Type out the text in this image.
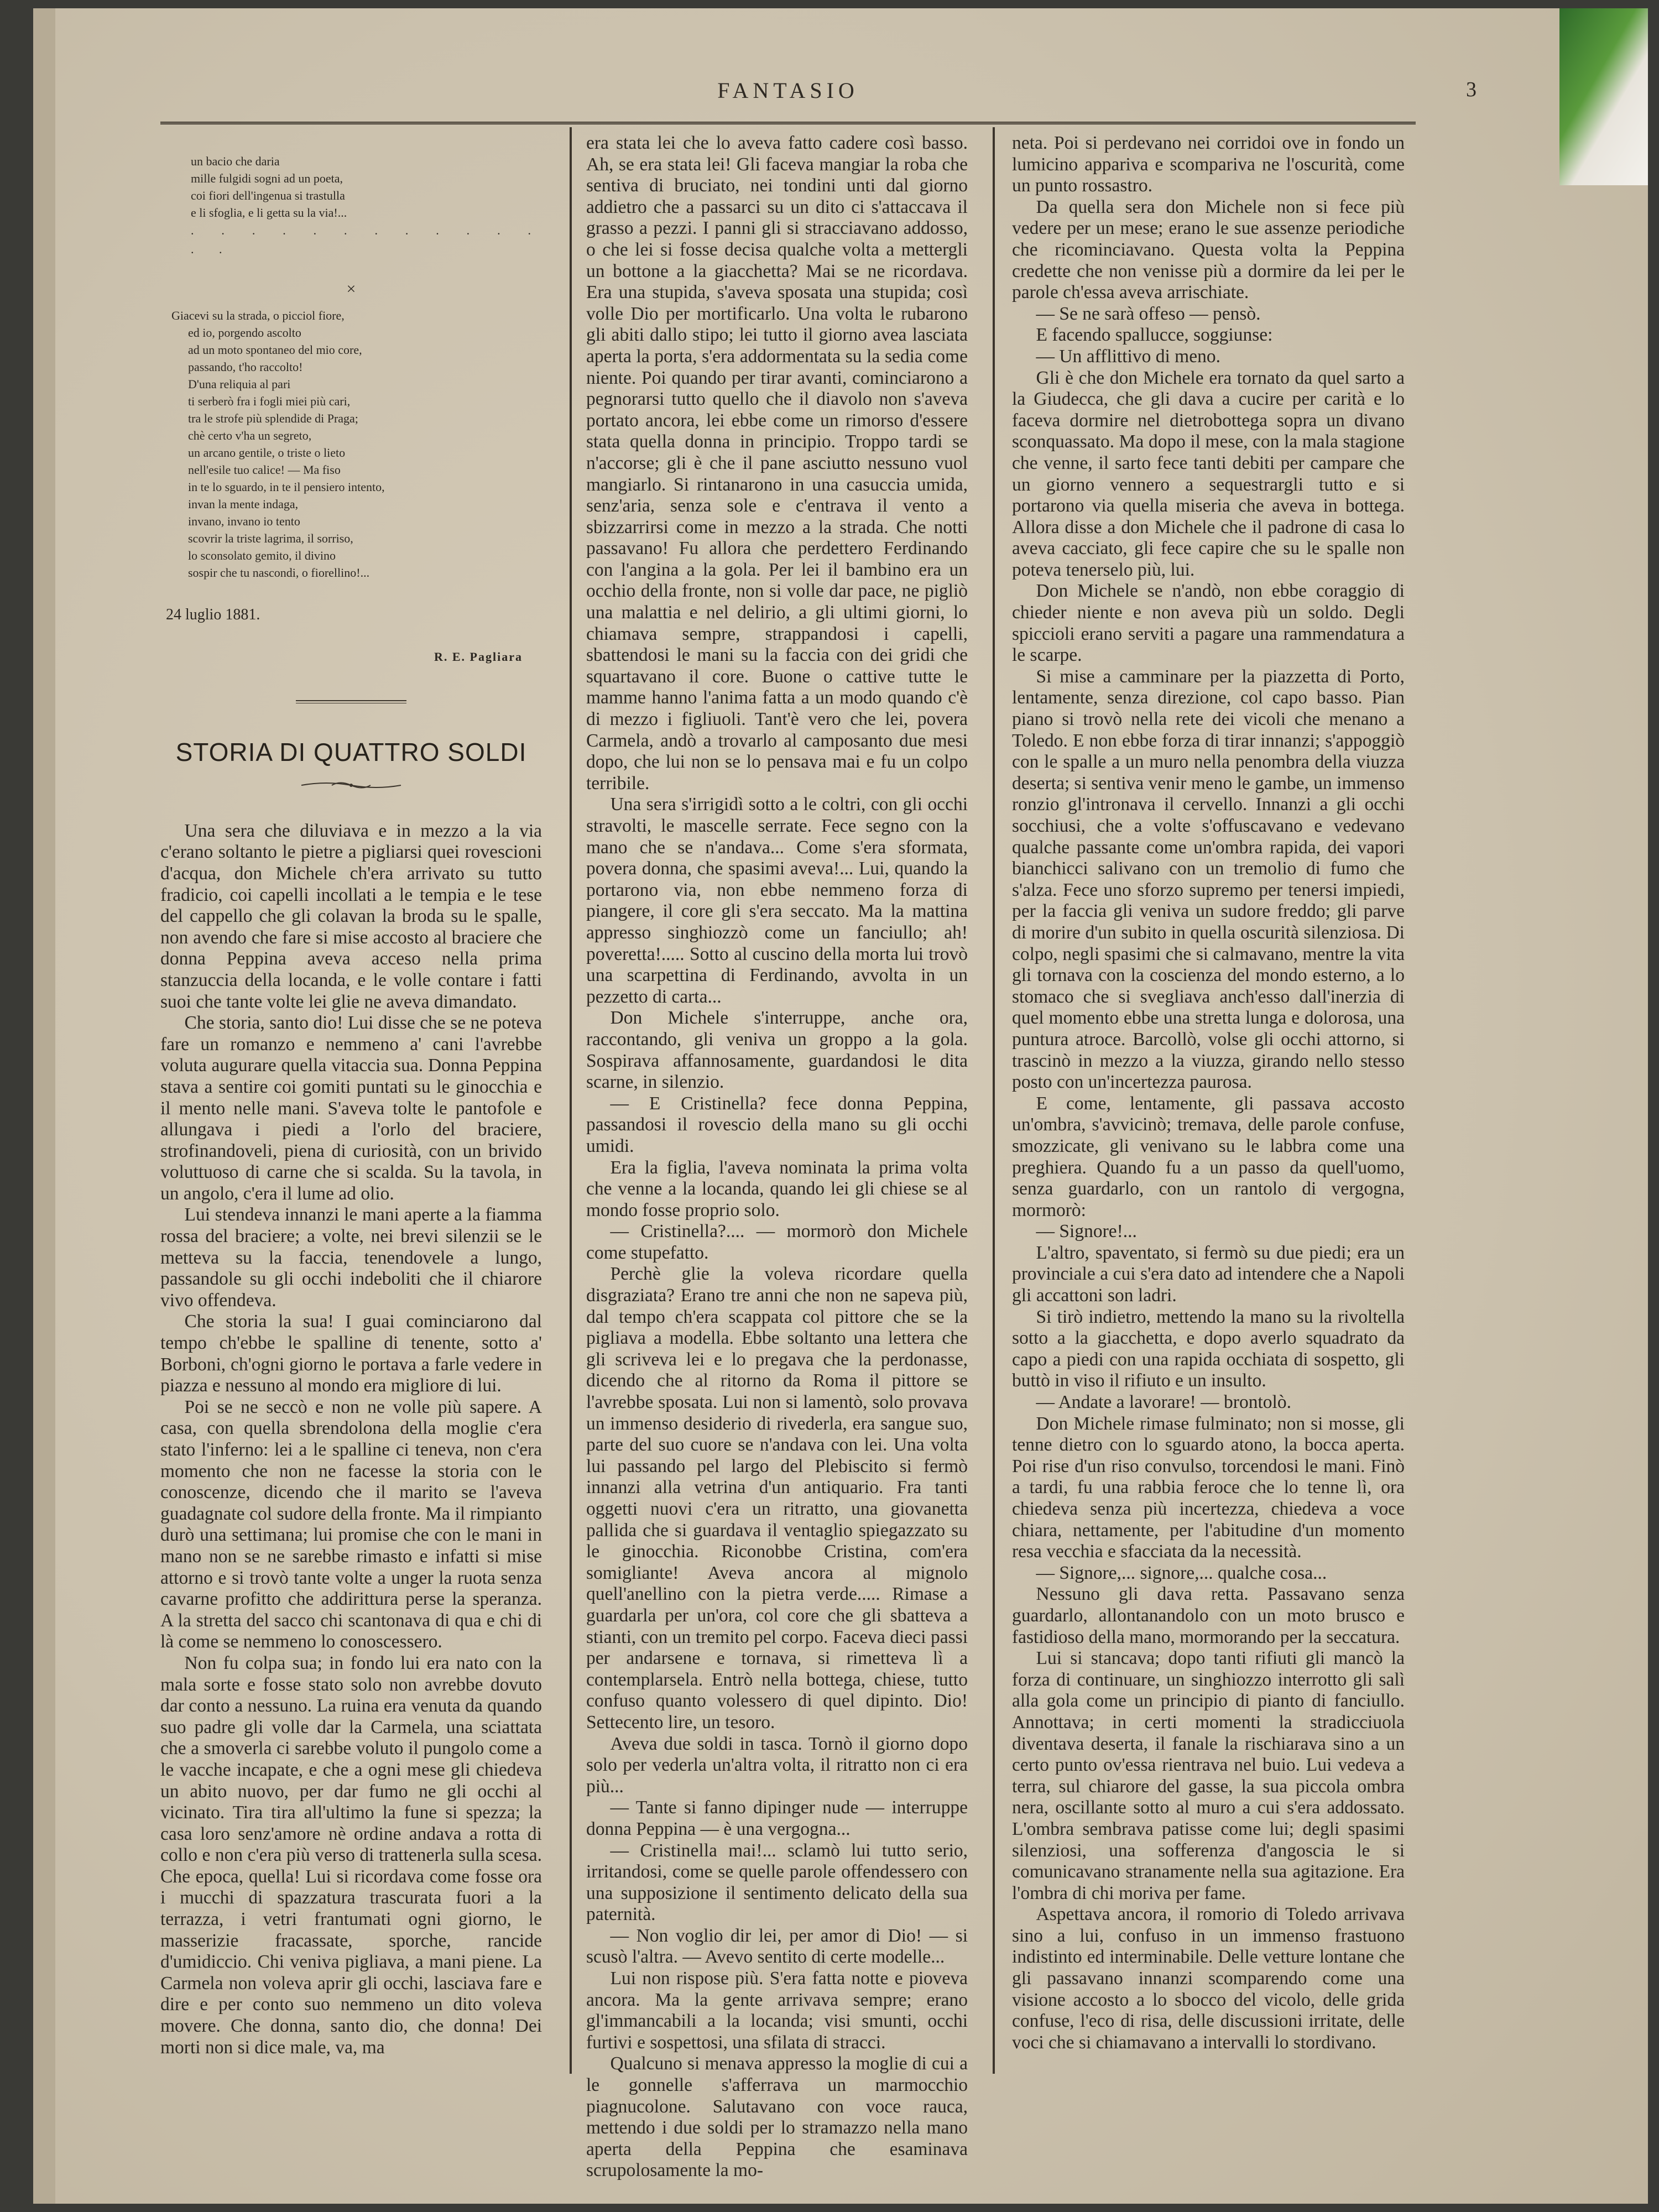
FANTASIO	3
un bacio che daria
mille fulgidi sogni ad un poeta,
coi fiori dell'ingenua si trastulla
e li sfoglia, e li getta su la via!...
. . . . . . . . . . . . . .
×
Giacevi su la strada, o picciol fiore,
ed io, porgendo ascolto
ad un moto spontaneo del mio core,
passando, t'ho raccolto!
D'una reliquia al pari
ti serberò fra i fogli miei più cari,
tra le strofe più splendide di Praga;
chè certo v'ha un segreto,
un arcano gentile, o triste o lieto
nell'esile tuo calice! — Ma fiso
in te lo sguardo, in te il pensiero intento,
invan la mente indaga,
invano, invano io tento
scovrir la triste lagrima, il sorriso,
lo sconsolato gemito, il divino
sospir che tu nascondi, o fiorellino!...
24 luglio 1881.
R. E. Pagliara
STORIA DI QUATTRO SOLDI

Una sera che diluviava e in mezzo a la via c'erano soltanto le pietre a pigliarsi quei rovescioni d'acqua, don Michele ch'era arrivato su tutto fradicio, coi capelli incollati a le tempia e le tese del cappello che gli colavan la broda su le spalle, non avendo che fare si mise accosto al braciere che donna Peppina aveva acceso nella prima stanzuccia della locanda, e le volle contare i fatti suoi che tante volte lei glie ne aveva dimandato.

Che storia, santo dio! Lui disse che se ne poteva fare un romanzo e nemmeno a' cani l'avrebbe voluta augurare quella vitaccia sua. Donna Peppina stava a sentire coi gomiti puntati su le ginocchia e il mento nelle mani. S'aveva tolte le pantofole e allungava i piedi a l'orlo del braciere, strofinandoveli, piena di curiosità, con un brivido voluttuoso di carne che si scalda. Su la tavola, in un angolo, c'era il lume ad olio.

Lui stendeva innanzi le mani aperte a la fiamma rossa del braciere; a volte, nei brevi silenzii se le metteva su la faccia, tenendovele a lungo, passandole su gli occhi indeboliti che il chiarore vivo offendeva.

Che storia la sua! I guai cominciarono dal tempo ch'ebbe le spalline di tenente, sotto a' Borboni, ch'ogni giorno le portava a farle vedere in piazza e nessuno al mondo era migliore di lui.

Poi se ne seccò e non ne volle più sapere. A casa, con quella sbrendolona della moglie c'era stato l'inferno: lei a le spalline ci teneva, non c'era momento che non ne facesse la storia con le conoscenze, dicendo che il marito se l'aveva guadagnate col sudore della fronte. Ma il rimpianto durò una settimana; lui promise che con le mani in mano non se ne sarebbe rimasto e infatti si mise attorno e si trovò tante volte a unger la ruota senza cavarne profitto che addirittura perse la speranza. A la stretta del sacco chi scantonava di qua e chi di là come se nemmeno lo conoscessero.

Non fu colpa sua; in fondo lui era nato con la mala sorte e fosse stato solo non avrebbe dovuto dar conto a nessuno. La ruina era venuta da quando suo padre gli volle dar la Carmela, una sciattata che a smoverla ci sarebbe voluto il pungolo come a le vacche incapate, e che a ogni mese gli chiedeva un abito nuovo, per dar fumo ne gli occhi al vicinato. Tira tira all'ultimo la fune si spezza; la casa loro senz'amore nè ordine andava a rotta di collo e non c'era più verso di trattenerla sulla scesa. Che epoca, quella! Lui si ricordava come fosse ora i mucchi di spazzatura trascurata fuori a la terrazza, i vetri frantumati ogni giorno, le masserizie fracassate, sporche, rancide d'umidiccio. Chi veniva pigliava, a mani piene. La Carmela non voleva aprir gli occhi, lasciava fare e dire e per conto suo nemmeno un dito voleva movere. Che donna, santo dio, che donna! Dei morti non si dice male, va, ma

era stata lei che lo aveva fatto cadere così basso. Ah, se era stata lei! Gli faceva mangiar la roba che sentiva di bruciato, nei tondini unti dal giorno addietro che a passarci su un dito ci s'attaccava il grasso a pezzi. I panni gli si stracciavano addosso, o che lei si fosse decisa qualche volta a mettergli un bottone a la giacchetta? Mai se ne ricordava. Era una stupida, s'aveva sposata una stupida; così volle Dio per mortificarlo. Una volta le rubarono gli abiti dallo stipo; lei tutto il giorno avea lasciata aperta la porta, s'era addormentata su la sedia come niente. Poi quando per tirar avanti, cominciarono a pegnorarsi tutto quello che il diavolo non s'aveva portato ancora, lei ebbe come un rimorso d'essere stata quella donna in principio. Troppo tardi se n'accorse; gli è che il pane asciutto nessuno vuol mangiarlo. Si rintanarono in una casuccia umida, senz'aria, senza sole e c'entrava il vento a sbizzarrirsi come in mezzo a la strada. Che notti passavano! Fu allora che perdettero Ferdinando con l'angina a la gola. Per lei il bambino era un occhio della fronte, non si volle dar pace, ne pigliò una malattia e nel delirio, a gli ultimi giorni, lo chiamava sempre, strappandosi i capelli, sbattendosi le mani su la faccia con dei gridi che squartavano il core. Buone o cattive tutte le mamme hanno l'anima fatta a un modo quando c'è di mezzo i figliuoli. Tant'è vero che lei, povera Carmela, andò a trovarlo al camposanto due mesi dopo, che lui non se lo pensava mai e fu un colpo terribile.

Una sera s'irrigidì sotto a le coltri, con gli occhi stravolti, le mascelle serrate. Fece segno con la mano che se n'andava... Come s'era sformata, povera donna, che spasimi aveva!... Lui, quando la portarono via, non ebbe nemmeno forza di piangere, il core gli s'era seccato. Ma la mattina appresso singhiozzò come un fanciullo; ah! poveretta!..... Sotto al cuscino della morta lui trovò una scarpettina di Ferdinando, avvolta in un pezzetto di carta...

Don Michele s'interruppe, anche ora, raccontando, gli veniva un groppo a la gola. Sospirava affannosamente, guardandosi le dita scarne, in silenzio.

— E Cristinella? fece donna Peppina, passandosi il rovescio della mano su gli occhi umidi.

Era la figlia, l'aveva nominata la prima volta che venne a la locanda, quando lei gli chiese se al mondo fosse proprio solo.

— Cristinella?.... — mormorò don Michele come stupefatto.

Perchè glie la voleva ricordare quella disgraziata? Erano tre anni che non ne sapeva più, dal tempo ch'era scappata col pittore che se la pigliava a modella. Ebbe soltanto una lettera che gli scriveva lei e lo pregava che la perdonasse, dicendo che al ritorno da Roma il pittore se l'avrebbe sposata. Lui non si lamentò, solo provava un immenso desiderio di rivederla, era sangue suo, parte del suo cuore se n'andava con lei. Una volta lui passando pel largo del Plebiscito si fermò innanzi alla vetrina d'un antiquario. Fra tanti oggetti nuovi c'era un ritratto, una giovanetta pallida che si guardava il ventaglio spiegazzato su le ginocchia. Riconobbe Cristina, com'era somigliante! Aveva ancora al mignolo quell'anellino con la pietra verde..... Rimase a guardarla per un'ora, col core che gli sbatteva a stianti, con un tremito pel corpo. Faceva dieci passi per andarsene e tornava, si rimetteva lì a contemplarsela. Entrò nella bottega, chiese, tutto confuso quanto volessero di quel dipinto. Dio! Settecento lire, un tesoro.

Aveva due soldi in tasca. Tornò il giorno dopo solo per vederla un'altra volta, il ritratto non ci era più...

— Tante si fanno dipinger nude — interruppe donna Peppina — è una vergogna...

— Cristinella mai!... sclamò lui tutto serio, irritandosi, come se quelle parole offendessero con una supposizione il sentimento delicato della sua paternità.

— Non voglio dir lei, per amor di Dio! — si scusò l'altra. — Avevo sentito di certe modelle...

Lui non rispose più. S'era fatta notte e pioveva ancora. Ma la gente arrivava sempre; erano gl'immancabili a la locanda; visi smunti, occhi furtivi e sospettosi, una sfilata di stracci.

Qualcuno si menava appresso la moglie di cui a le gonnelle s'afferrava un marmocchio piagnucolone. Salutavano con voce rauca, mettendo i due soldi per lo stramazzo nella mano aperta della Peppina che esaminava scrupolosamente la mo-

neta. Poi si perdevano nei corridoi ove in fondo un lumicino appariva e scompariva ne l'oscurità, come un punto rossastro.

Da quella sera don Michele non si fece più vedere per un mese; erano le sue assenze periodiche che ricominciavano. Questa volta la Peppina credette che non venisse più a dormire da lei per le parole ch'essa aveva arrischiate.

— Se ne sarà offeso — pensò.

E facendo spallucce, soggiunse:

— Un afflittivo di meno.

Gli è che don Michele era tornato da quel sarto a la Giudecca, che gli dava a cucire per carità e lo faceva dormire nel dietrobottega sopra un divano sconquassato. Ma dopo il mese, con la mala stagione che venne, il sarto fece tanti debiti per campare che un giorno vennero a sequestrargli tutto e si portarono via quella miseria che aveva in bottega. Allora disse a don Michele che il padrone di casa lo aveva cacciato, gli fece capire che su le spalle non poteva tenerselo più, lui.

Don Michele se n'andò, non ebbe coraggio di chieder niente e non aveva più un soldo. Degli spiccioli erano serviti a pagare una rammendatura a le scarpe.

Si mise a camminare per la piazzetta di Porto, lentamente, senza direzione, col capo basso. Pian piano si trovò nella rete dei vicoli che menano a Toledo. E non ebbe forza di tirar innanzi; s'appoggiò con le spalle a un muro nella penombra della viuzza deserta; si sentiva venir meno le gambe, un immenso ronzio gl'intronava il cervello. Innanzi a gli occhi socchiusi, che a volte s'offuscavano e vedevano qualche passante come un'ombra rapida, dei vapori bianchicci salivano con un tremolio di fumo che s'alza. Fece uno sforzo supremo per tenersi impiedi, per la faccia gli veniva un sudore freddo; gli parve di morire d'un subito in quella oscurità silenziosa. Di colpo, negli spasimi che si calmavano, mentre la vita gli tornava con la coscienza del mondo esterno, a lo stomaco che si svegliava anch'esso dall'inerzia di quel momento ebbe una stretta lunga e dolorosa, una puntura atroce. Barcollò, volse gli occhi attorno, si trascinò in mezzo a la viuzza, girando nello stesso posto con un'incertezza paurosa.

E come, lentamente, gli passava accosto un'ombra, s'avvicinò; tremava, delle parole confuse, smozzicate, gli venivano su le labbra come una preghiera. Quando fu a un passo da quell'uomo, senza guardarlo, con un rantolo di vergogna, mormorò:

— Signore!...

L'altro, spaventato, si fermò su due piedi; era un provinciale a cui s'era dato ad intendere che a Napoli gli accattoni son ladri.

Si tirò indietro, mettendo la mano su la rivoltella sotto a la giacchetta, e dopo averlo squadrato da capo a piedi con una rapida occhiata di sospetto, gli buttò in viso il rifiuto e un insulto.

— Andate a lavorare! — brontolò.

Don Michele rimase fulminato; non si mosse, gli tenne dietro con lo sguardo atono, la bocca aperta. Poi rise d'un riso convulso, torcendosi le mani. Finò a tardi, fu una rabbia feroce che lo tenne lì, ora chiedeva senza più incertezza, chiedeva a voce chiara, nettamente, per l'abitudine d'un momento resa vecchia e sfacciata da la necessità.

— Signore,... signore,... qualche cosa...

Nessuno gli dava retta. Passavano senza guardarlo, allontanandolo con un moto brusco e fastidioso della mano, mormorando per la seccatura.

Lui si stancava; dopo tanti rifiuti gli mancò la forza di continuare, un singhiozzo interrotto gli salì alla gola come un principio di pianto di fanciullo. Annottava; in certi momenti la stradicciuola diventava deserta, il fanale la rischiarava sino a un certo punto ov'essa rientrava nel buio. Lui vedeva a terra, sul chiarore del gasse, la sua piccola ombra nera, oscillante sotto al muro a cui s'era addossato. L'ombra sembrava patisse come lui; degli spasimi silenziosi, una sofferenza d'angoscia le si comunicavano stranamente nella sua agitazione. Era l'ombra di chi moriva per fame.

Aspettava ancora, il romorio di Toledo arrivava sino a lui, confuso in un immenso frastuono indistinto ed interminabile. Delle vetture lontane che gli passavano innanzi scomparendo come una visione accosto a lo sbocco del vicolo, delle grida confuse, l'eco di risa, delle discussioni irritate, delle voci che si chiamavano a intervalli lo stordivano.
